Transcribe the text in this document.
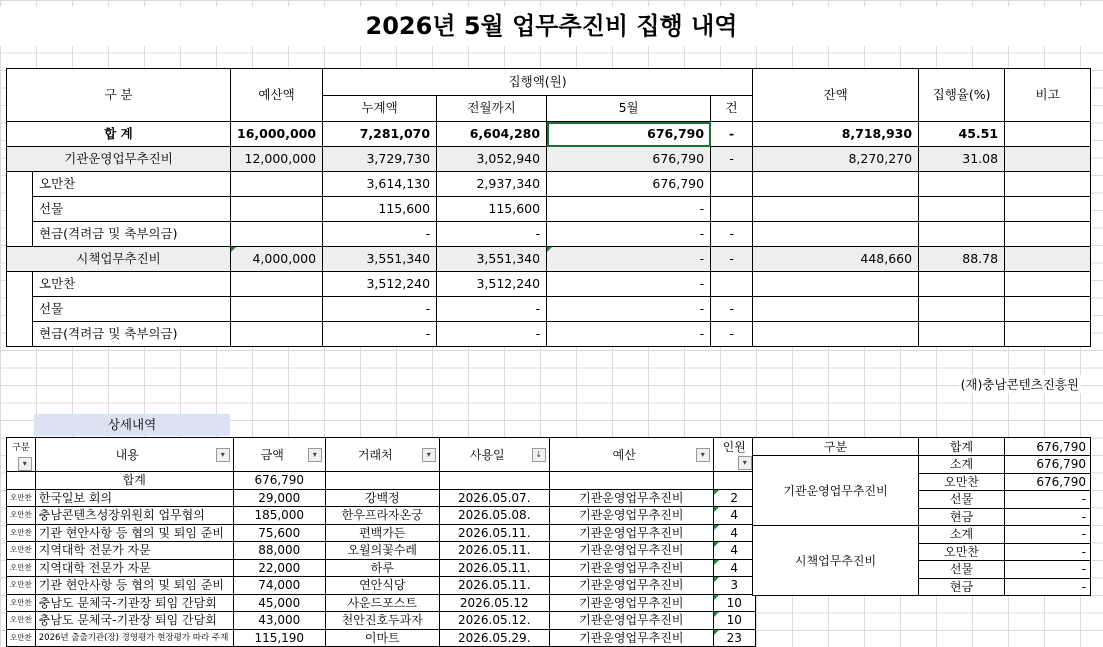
2026년 5월 업무추진비 집행 내역
구 분		예산액	집행액(원)				잔액	집행율(%)	비고
			누계액	전월까지	5월	건			
합 계		16,000,000	7,281,070	6,604,280	676,790	-	8,718,930	45.51	
기관운영업무추진비		12,000,000	3,729,730	3,052,940	676,790	-	8,270,270	31.08	
	오만찬		3,614,130	2,937,340	676,790				
	선물		115,600	115,600	-				
	현금(격려금 및 축부의금)		-	-	-	-			
시책업무추진비		4,000,000	3,551,340	3,551,340	-	-	448,660	88.78	
	오만찬		3,512,240	3,512,240	-				
	선물		-	-	-	-			
	현금(격려금 및 축부의금)		-	-	-	-			
(재)충남콘텐츠진흥원
상세내역
구분
▾	내용 ▾	금액 ▾	거래처 ▾	사용일 ↓	예산 ▾	인원
▾

	합계	676,790				
오만찬	한국일보 회의	29,000	강백정	2026.05.07.	기관운영업무추진비	2
오만찬	충남콘텐츠성장위원회 업무협의	185,000	한우프라자온궁	2026.05.08.	기관운영업무추진비	4
오만찬	기관 현안사항 등 협의 및 퇴임 준비	75,600	편백가든	2026.05.11.	기관운영업무추진비	4
오만찬	지역대학 전문가 자문	88,000	오월의꽃수레	2026.05.11.	기관운영업무추진비	4
오만찬	지역대학 전문가 자문	22,000	하루	2026.05.11.	기관운영업무추진비	4
오만찬	기관 현안사항 등 협의 및 퇴임 준비	74,000	연안식당	2026.05.11.	기관운영업무추진비	3
오만찬	충남도 문체국-기관장 퇴임 간담회	45,000	사운드포스트	2026.05.12	기관운영업무추진비	10
오만찬	충남도 문체국-기관장 퇴임 간담회	43,000	천안진호두과자	2026.05.12.	기관운영업무추진비	10
오만찬	2026년 출출기관(장) 경영평가 현장평가 따라 주재	115,190	이마트	2026.05.29.	기관운영업무추진비	23
구분	합계	676,790
기관운영업무추진비	소계	676,790
	오만찬	676,790
	선물	-
	현금	-
시책업무추진비	소계	-
	오만찬	-
	선물	-
	현금	-
